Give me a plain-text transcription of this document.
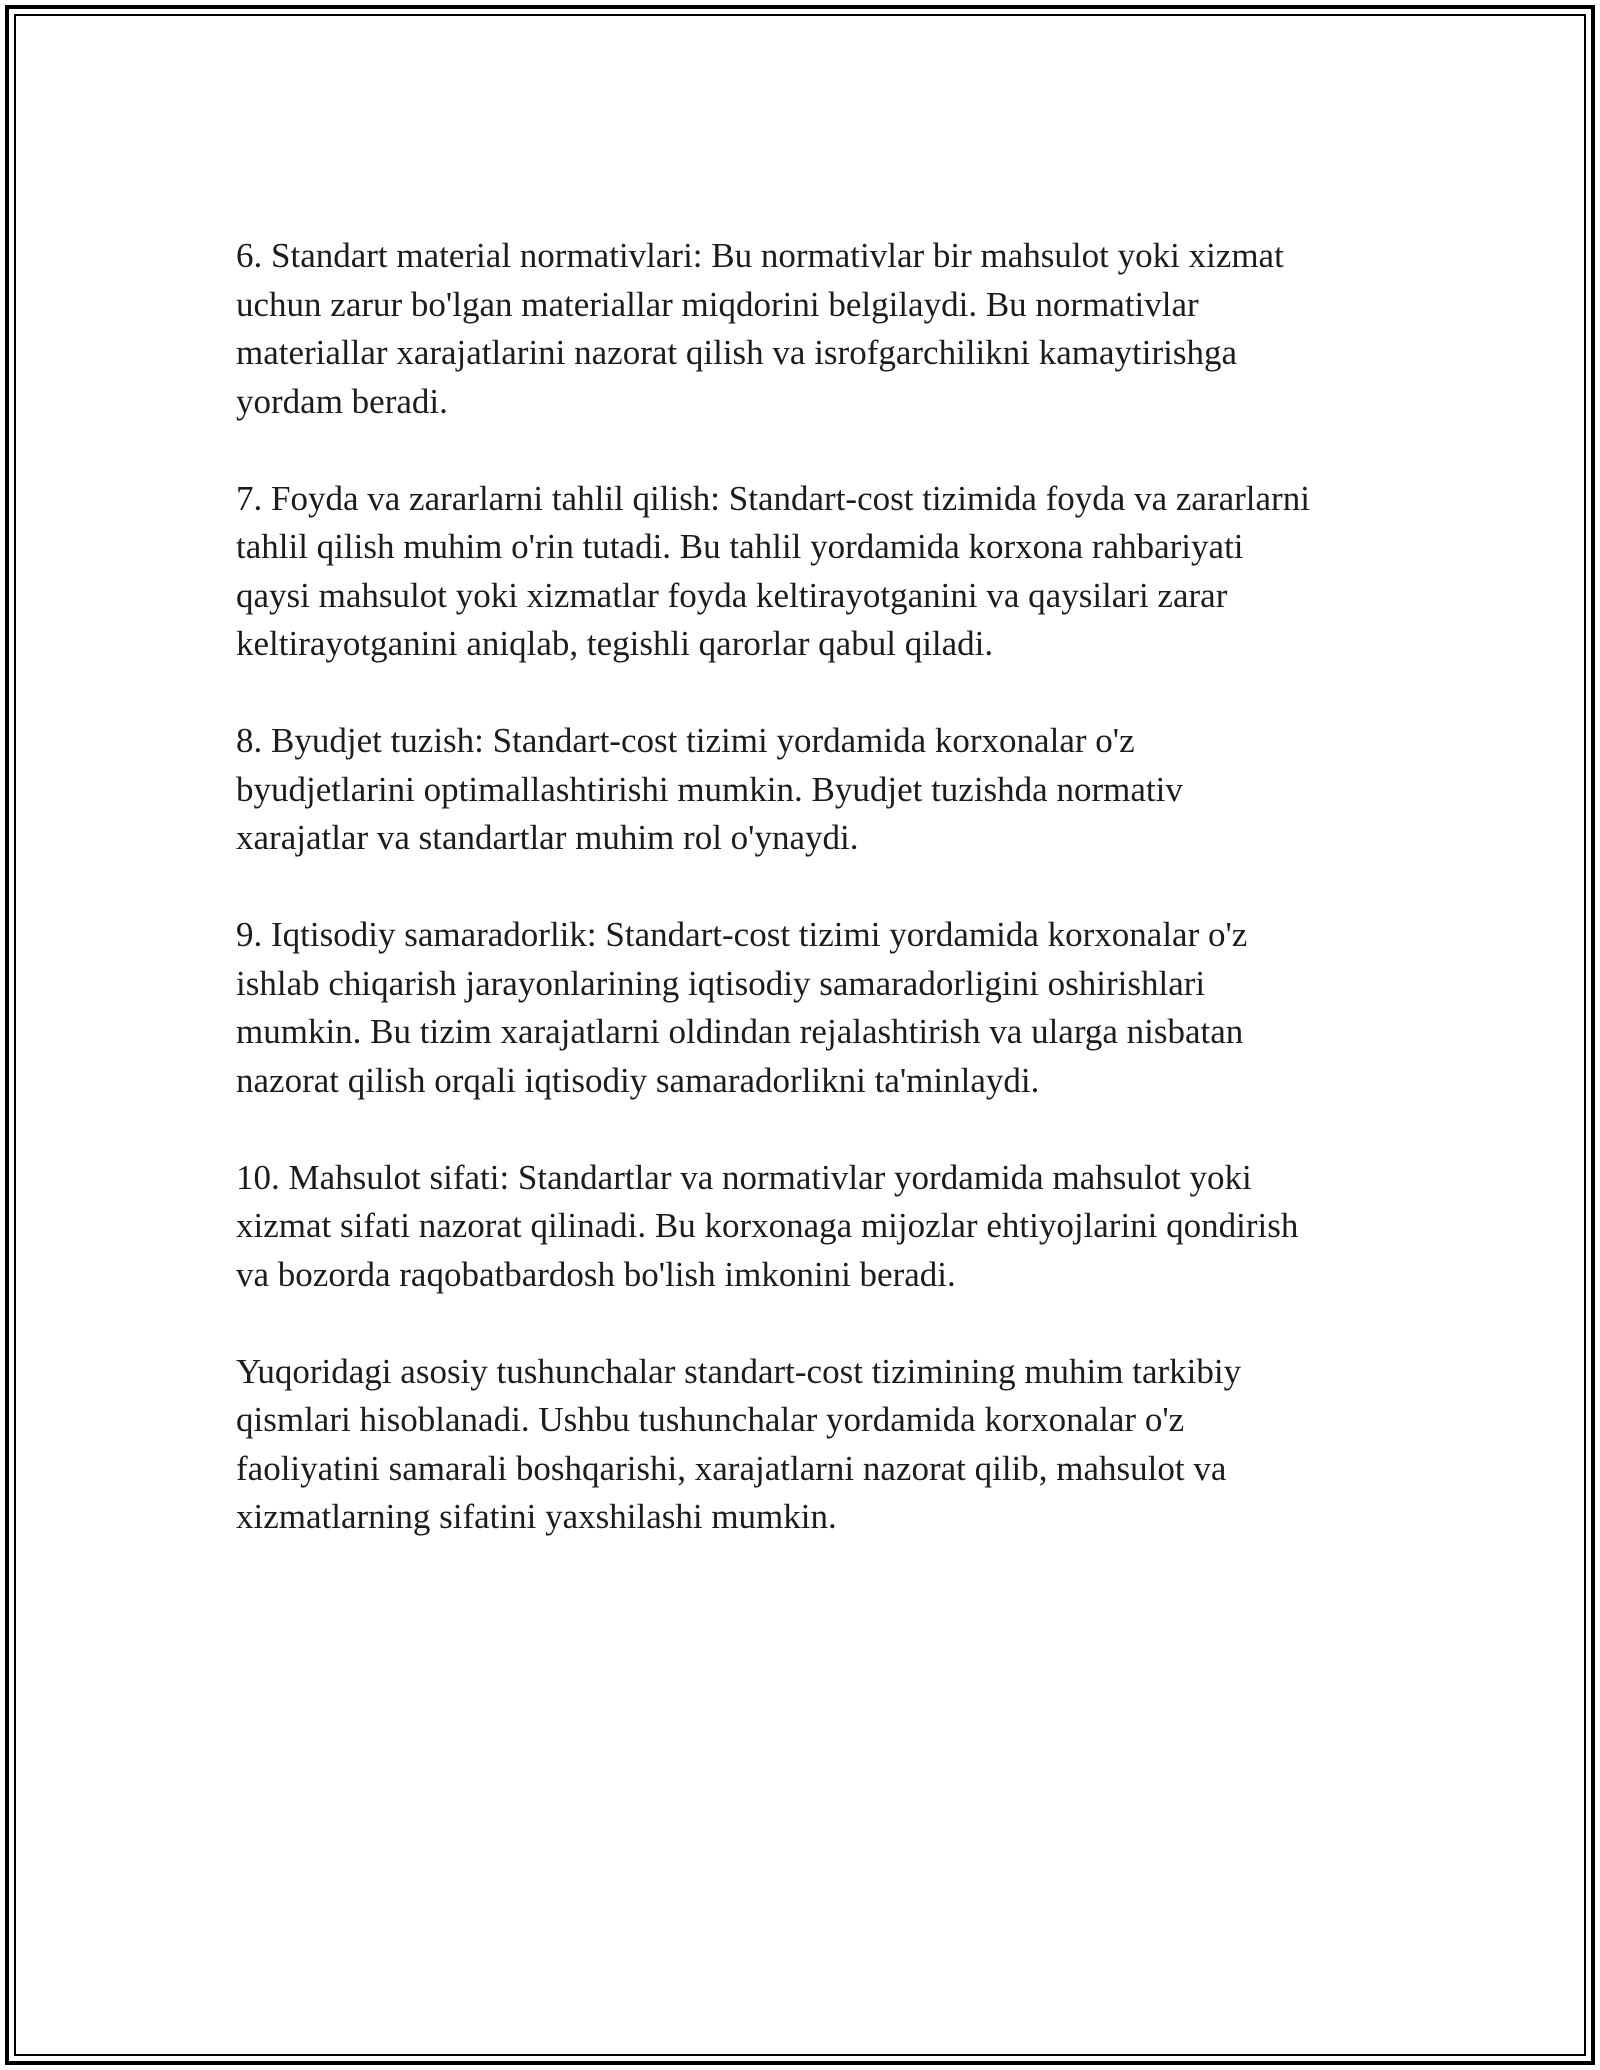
6. Standart material normativlari: Bu normativlar bir mahsulot yoki xizmat
uchun zarur bo'lgan materiallar miqdorini belgilaydi. Bu normativlar
materiallar xarajatlarini nazorat qilish va isrofgarchilikni kamaytirishga
yordam beradi.

7. Foyda va zararlarni tahlil qilish: Standart-cost tizimida foyda va zararlarni
tahlil qilish muhim o'rin tutadi. Bu tahlil yordamida korxona rahbariyati
qaysi mahsulot yoki xizmatlar foyda keltirayotganini va qaysilari zarar
keltirayotganini aniqlab, tegishli qarorlar qabul qiladi.

8. Byudjet tuzish: Standart-cost tizimi yordamida korxonalar o'z
byudjetlarini optimallashtirishi mumkin. Byudjet tuzishda normativ
xarajatlar va standartlar muhim rol o'ynaydi.

9. Iqtisodiy samaradorlik: Standart-cost tizimi yordamida korxonalar o'z
ishlab chiqarish jarayonlarining iqtisodiy samaradorligini oshirishlari
mumkin. Bu tizim xarajatlarni oldindan rejalashtirish va ularga nisbatan
nazorat qilish orqali iqtisodiy samaradorlikni ta'minlaydi.

10. Mahsulot sifati: Standartlar va normativlar yordamida mahsulot yoki
xizmat sifati nazorat qilinadi. Bu korxonaga mijozlar ehtiyojlarini qondirish
va bozorda raqobatbardosh bo'lish imkonini beradi.

Yuqoridagi asosiy tushunchalar standart-cost tizimining muhim tarkibiy
qismlari hisoblanadi. Ushbu tushunchalar yordamida korxonalar o'z
faoliyatini samarali boshqarishi, xarajatlarni nazorat qilib, mahsulot va
xizmatlarning sifatini yaxshilashi mumkin.
